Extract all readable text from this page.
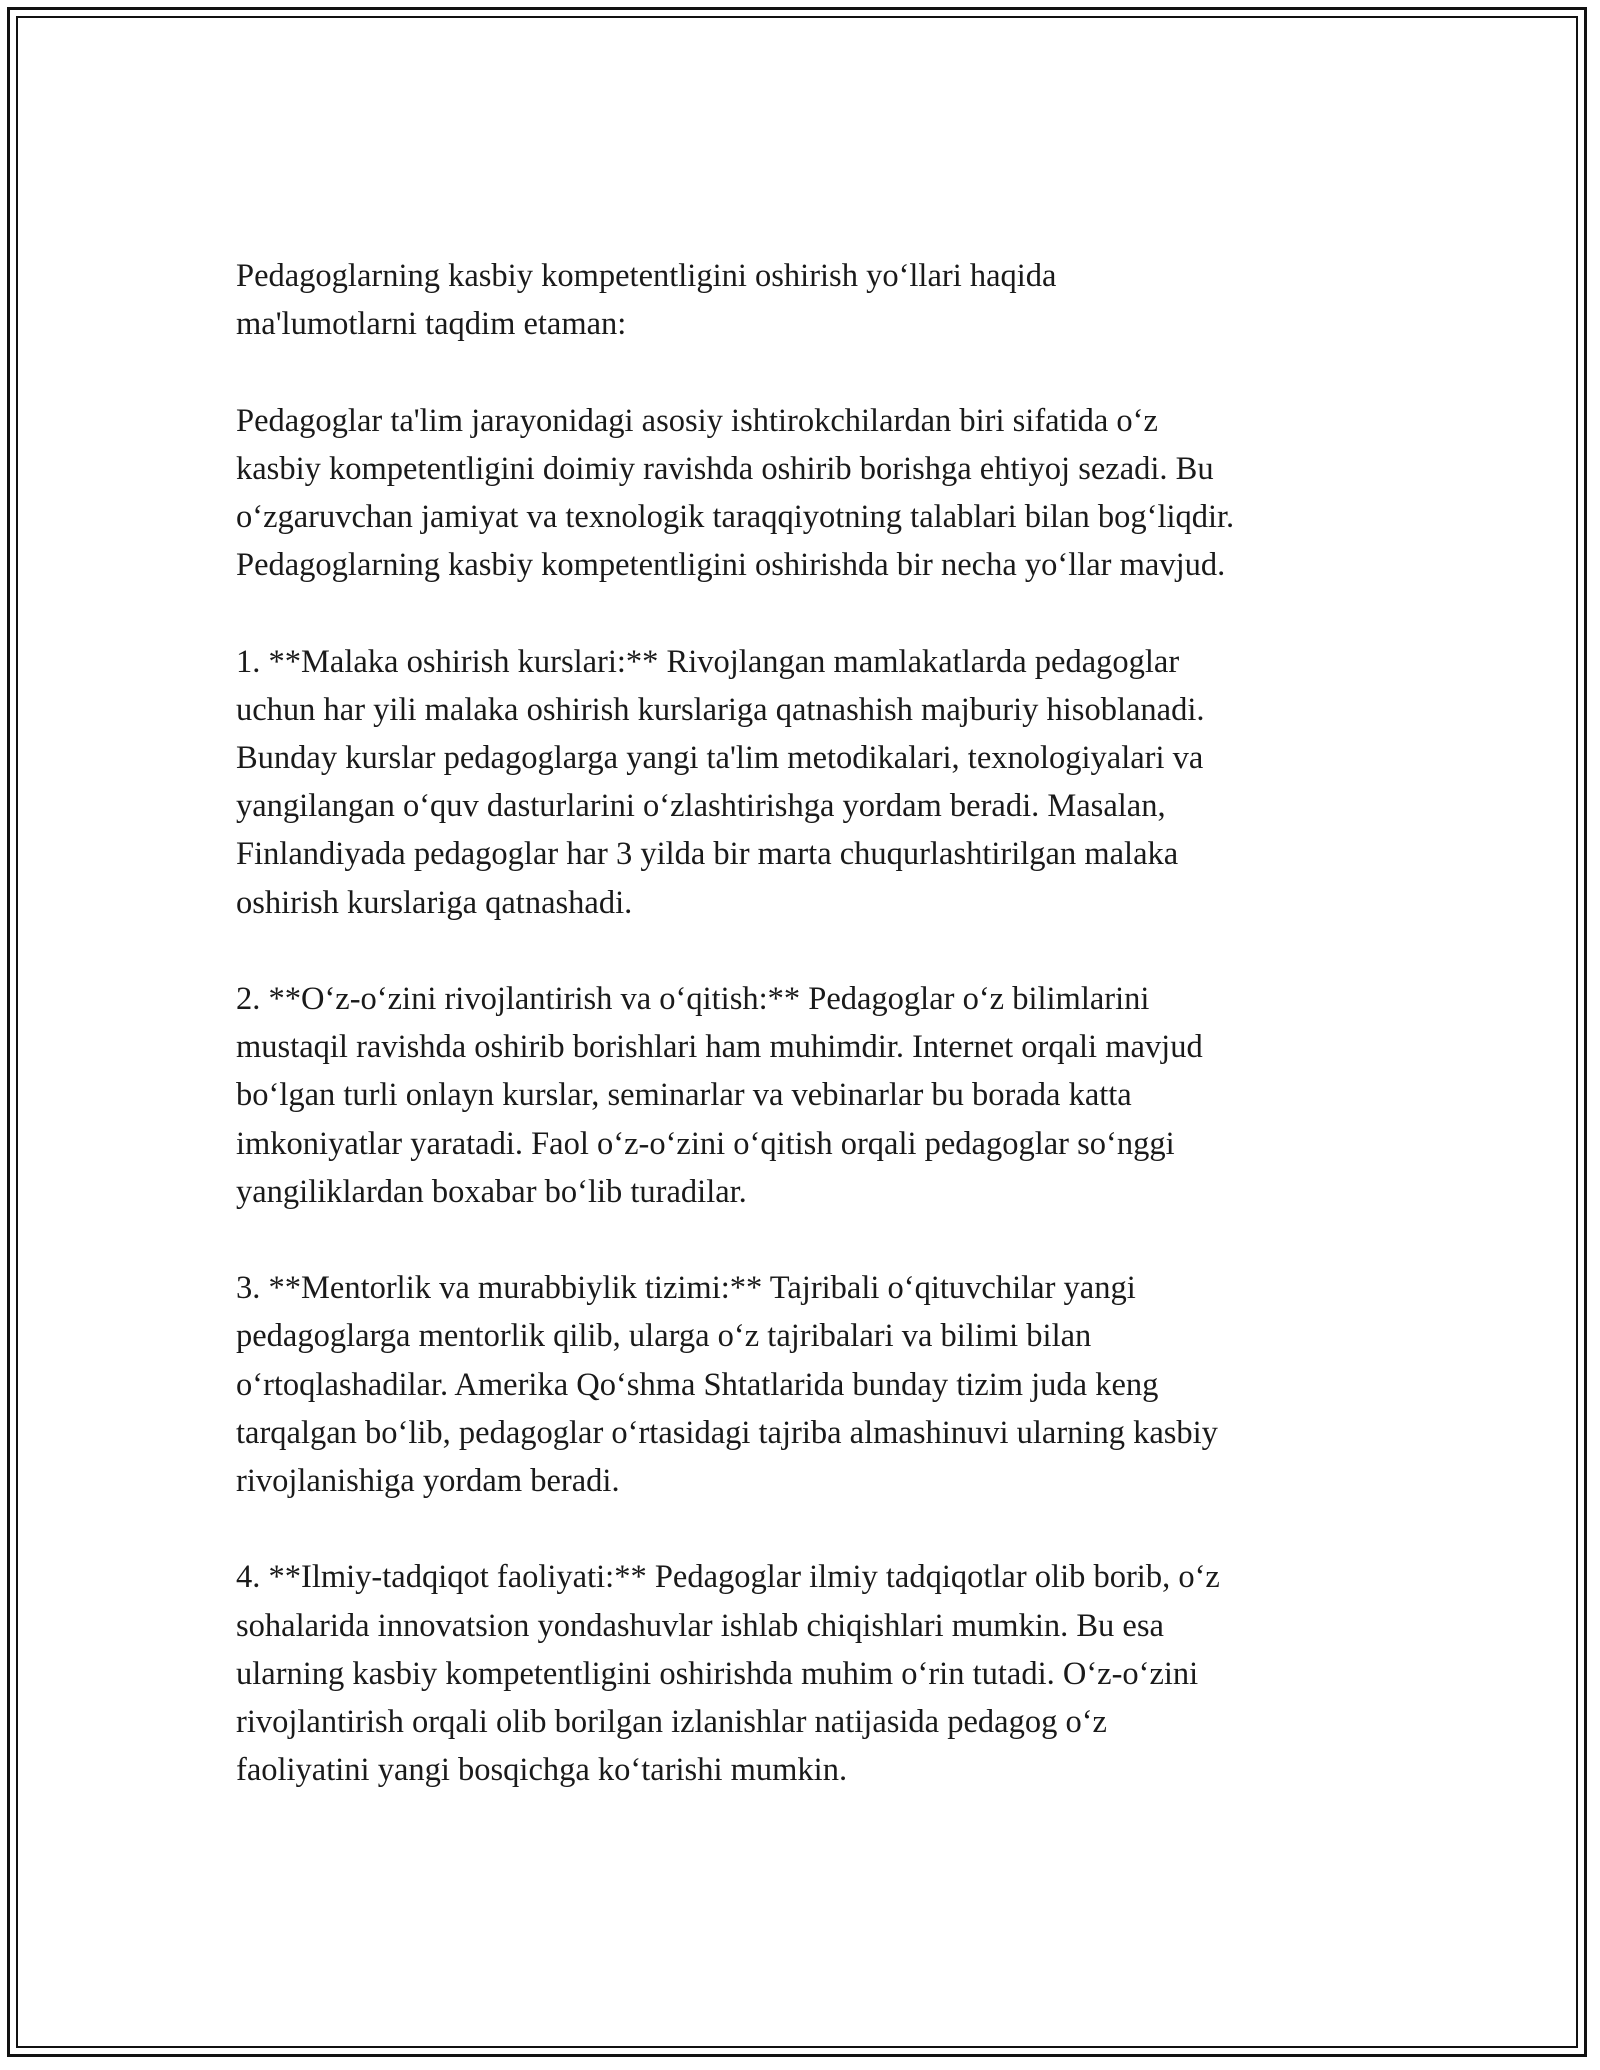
Pedagoglarning kasbiy kompetentligini oshirish yo‘llari haqida
ma'lumotlarni taqdim etaman:
Pedagoglar ta'lim jarayonidagi asosiy ishtirokchilardan biri sifatida o‘z
kasbiy kompetentligini doimiy ravishda oshirib borishga ehtiyoj sezadi. Bu
o‘zgaruvchan jamiyat va texnologik taraqqiyotning talablari bilan bog‘liqdir.
Pedagoglarning kasbiy kompetentligini oshirishda bir necha yo‘llar mavjud.
1. **Malaka oshirish kurslari:** Rivojlangan mamlakatlarda pedagoglar
uchun har yili malaka oshirish kurslariga qatnashish majburiy hisoblanadi.
Bunday kurslar pedagoglarga yangi ta'lim metodikalari, texnologiyalari va
yangilangan o‘quv dasturlarini o‘zlashtirishga yordam beradi. Masalan,
Finlandiyada pedagoglar har 3 yilda bir marta chuqurlashtirilgan malaka
oshirish kurslariga qatnashadi.
2. **O‘z-o‘zini rivojlantirish va o‘qitish:** Pedagoglar o‘z bilimlarini
mustaqil ravishda oshirib borishlari ham muhimdir. Internet orqali mavjud
bo‘lgan turli onlayn kurslar, seminarlar va vebinarlar bu borada katta
imkoniyatlar yaratadi. Faol o‘z-o‘zini o‘qitish orqali pedagoglar so‘nggi
yangiliklardan boxabar bo‘lib turadilar.
3. **Mentorlik va murabbiylik tizimi:** Tajribali o‘qituvchilar yangi
pedagoglarga mentorlik qilib, ularga o‘z tajribalari va bilimi bilan
o‘rtoqlashadilar. Amerika Qo‘shma Shtatlarida bunday tizim juda keng
tarqalgan bo‘lib, pedagoglar o‘rtasidagi tajriba almashinuvi ularning kasbiy
rivojlanishiga yordam beradi.
4. **Ilmiy-tadqiqot faoliyati:** Pedagoglar ilmiy tadqiqotlar olib borib, o‘z
sohalarida innovatsion yondashuvlar ishlab chiqishlari mumkin. Bu esa
ularning kasbiy kompetentligini oshirishda muhim o‘rin tutadi. O‘z-o‘zini
rivojlantirish orqali olib borilgan izlanishlar natijasida pedagog o‘z
faoliyatini yangi bosqichga ko‘tarishi mumkin.
